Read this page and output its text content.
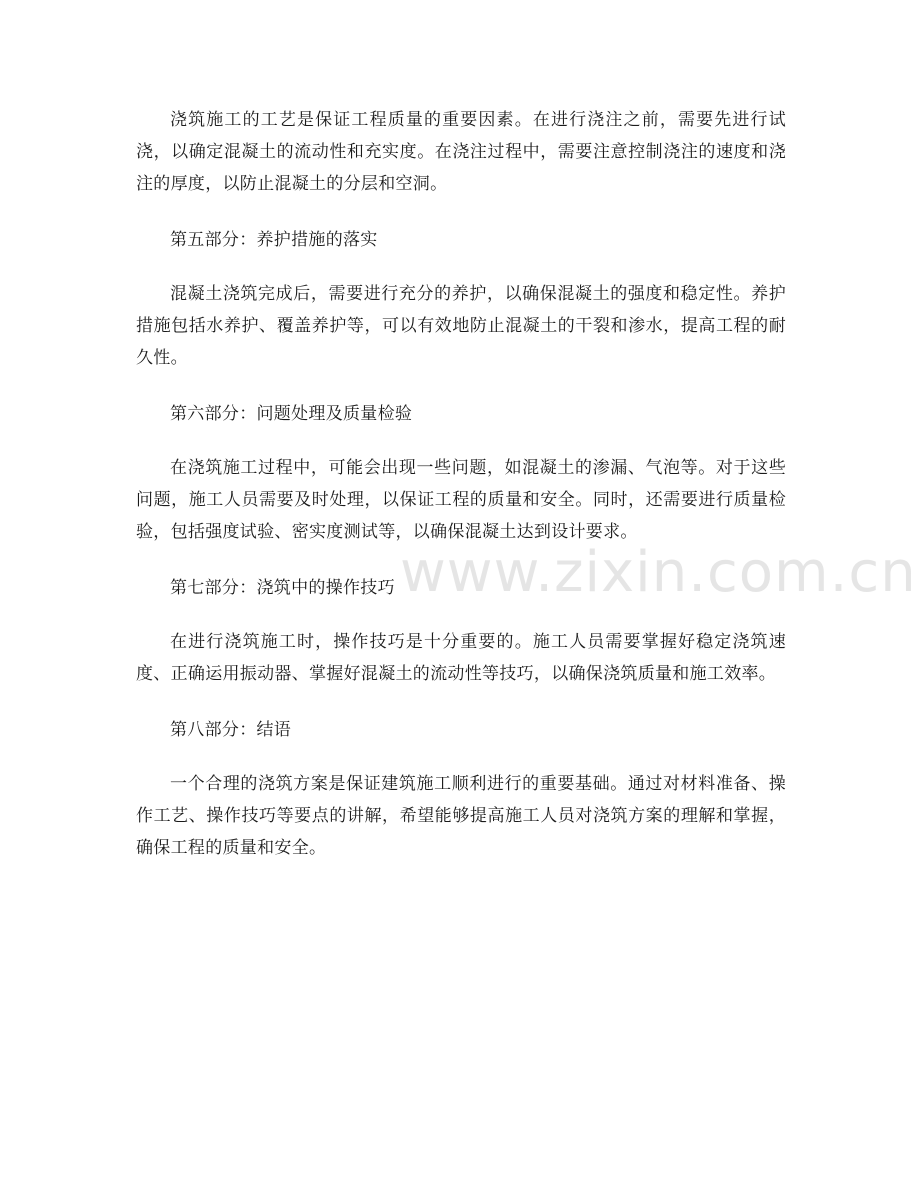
浇筑施工的工艺是保证工程质量的重要因素。在进行浇注之前，需要先进行试浇，以确定混凝土的流动性和充实度。在浇注过程中，需要注意控制浇注的速度和浇注的厚度，以防止混凝土的分层和空洞。

第五部分：养护措施的落实

混凝土浇筑完成后，需要进行充分的养护，以确保混凝土的强度和稳定性。养护措施包括水养护、覆盖养护等，可以有效地防止混凝土的干裂和渗水，提高工程的耐久性。

第六部分：问题处理及质量检验

在浇筑施工过程中，可能会出现一些问题，如混凝土的渗漏、气泡等。对于这些问题，施工人员需要及时处理，以保证工程的质量和安全。同时，还需要进行质量检验，包括强度试验、密实度测试等，以确保混凝土达到设计要求。

第七部分：浇筑中的操作技巧

在进行浇筑施工时，操作技巧是十分重要的。施工人员需要掌握好稳定浇筑速度、正确运用振动器、掌握好混凝土的流动性等技巧，以确保浇筑质量和施工效率。

第八部分：结语

一个合理的浇筑方案是保证建筑施工顺利进行的重要基础。通过对材料准备、操作工艺、操作技巧等要点的讲解，希望能够提高施工人员对浇筑方案的理解和掌握，确保工程的质量和安全。

www.zixin.com.cn
